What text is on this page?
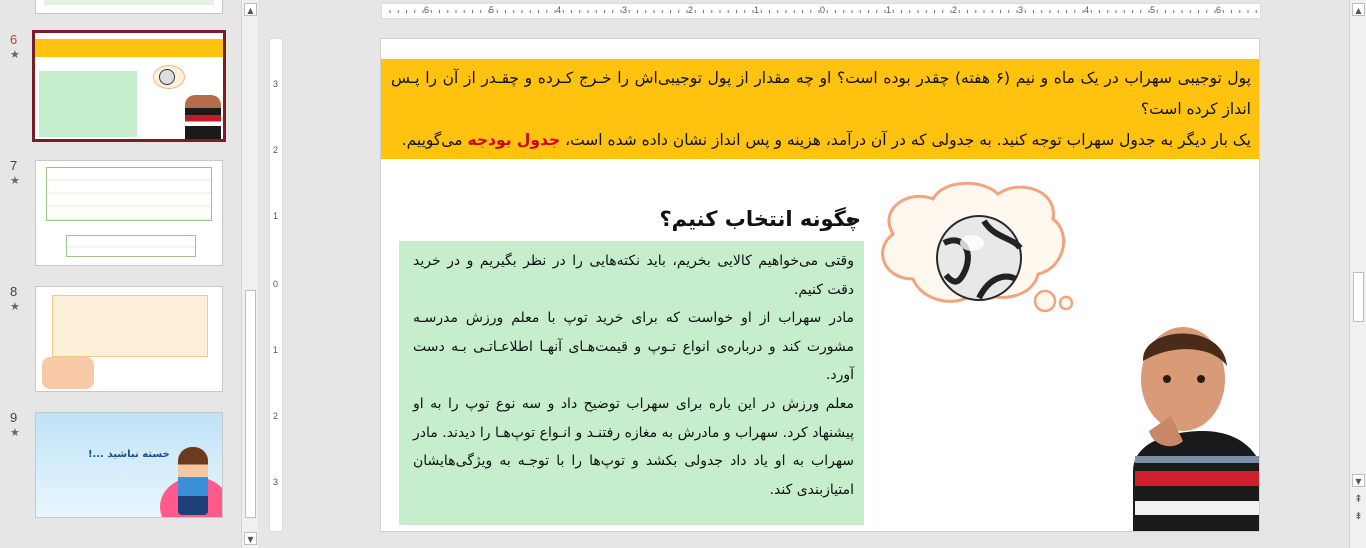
6
★
7
★
8
★
9
★
خسته نباشید ...!
▲
▼
6	5	4	3	2	1	0	1	2	3	4	5	6
3
2
1
0
1
2
3
پول توجیبی سهراب در یک ماه و نیم (۶ هفته) چقدر بوده است؟ او چه مقدار از پول توجیبی‌اش را خـرج کـرده و چقـدر از آن را پـس انداز کرده است؟
یک بار دیگر به جدول سهراب توجه کنید. به جدولی که در آن درآمد، هزینه و پس انداز نشان داده شده است، جدول بودجه می‌گوییم.
چگونه انتخاب کنیم؟
وقتی می‌خواهیم کالایی بخریم، باید نکته‌هایی را در نظر بگیریم و در خرید دقت کنیم.
مادر سهراب از او خواست که برای خرید توپ با معلم ورزش مدرسـه مشورت کند و درباره‌ی انواع تـوپ و قیمت‌هـای آنهـا اطلاعـاتـی بـه دست آورد.
معلم ورزش در این باره برای سهراب توضیح داد و سه نوع توپ را به او پیشنهاد کرد. سهراب و مادرش به مغازه رفتنـد و انـواع توپ‌هـا را دیدند. مادر سهراب به او یاد داد جدولی بکشد و توپ‌ها را با توجـه به ویژگی‌هایشان امتیازبندی کند.
▲
▼
⇞
⇟
